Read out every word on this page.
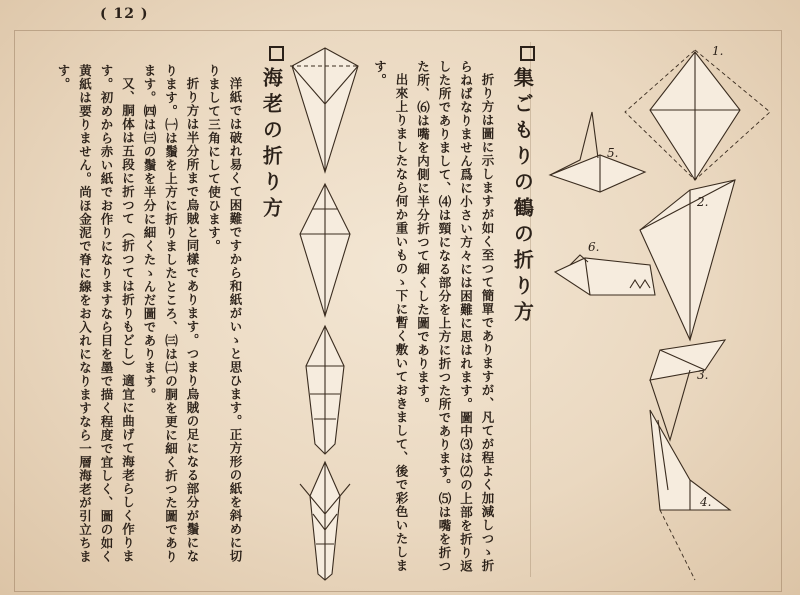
( 12 )
集ごもりの鶴の折り方

折り方は圖に示しますが如く至つて簡單でありますが、凡てが程よく加減しつゝ折らねばなりません爲に小さい方々には困難に思はれます。圖中⑶は⑵の上部を折り返した所でありまして、⑷は頸になる部分を上方に折つた所であります。⑸は嘴を折つた所、⑹は嘴を内側に半分折つて細くした圖であります。

出來上りましたなら何か重いものゝ下に暫く敷いておきまして、後で彩色いたします。

海老の折り方

洋紙では破れ易くて困難ですから和紙がいゝと思ひます。正方形の紙を斜めに切りまして三角にして使ひます。

折り方は半分所まで烏賊と同樣であります。つまり烏賊の足になる部分が鬚になります。㈠は鬚を上方に折りましたところ、㈢は㈡の胴を更に細く折つた圖であります。㈣は㈢の鬚を半分に細くたゝんだ圖であります。

又、胴体は五段に折つて（折つては折りもどし）適宜に曲げて海老らしく作ります。初めから赤い紙でお作りになりますなら目を墨で描く程度で宜しく、圖の如く黄紙は要りません。尚ほ金泥で脊に線をお入れになりますなら一層海老が引立ちます。

1.
2.
3.
4.
5.
6.
